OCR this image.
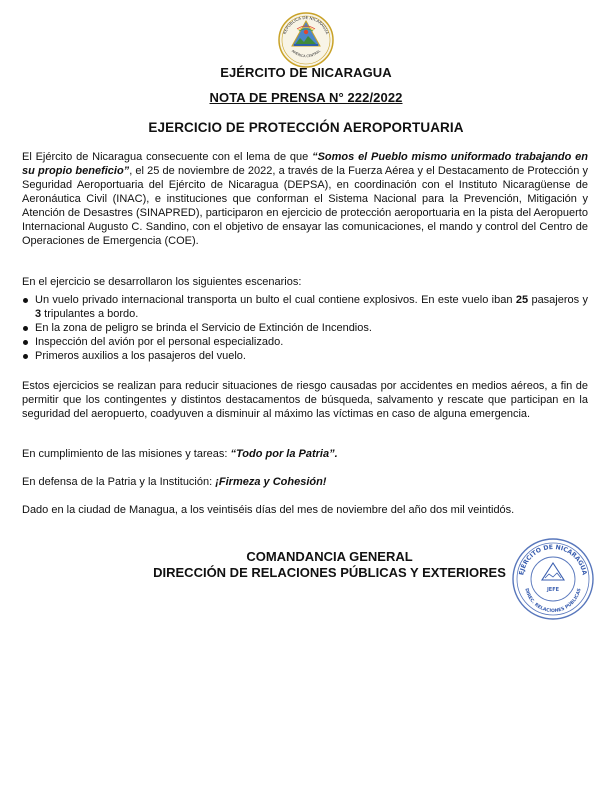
REPÚBLICA DE NICARAGUA
AMÉRICA CENTRAL
EJÉRCITO DE NICARAGUA
NOTA DE PRENSA N° 222/2022
EJERCICIO DE PROTECCIÓN AEROPORTUARIA

El Ejército de Nicaragua consecuente con el lema de que “Somos el Pueblo mismo uniformado trabajando en su propio beneficio”, el 25 de noviembre de 2022, a través de la Fuerza Aérea y el Destacamento de Protección y Seguridad Aeroportuaria del Ejército de Nicaragua (DEPSA), en coordinación con el Instituto Nicaragüense de Aeronáutica Civil (INAC), e instituciones que conforman el Sistema Nacional para la Prevención, Mitigación y Atención de Desastres (SINAPRED), participaron en ejercicio de protección aeroportuaria en la pista del Aeropuerto Internacional Augusto C. Sandino, con el objetivo de ensayar las comunicaciones, el mando y control del Centro de Operaciones de Emergencia (COE).

En el ejercicio se desarrollaron los siguientes escenarios:
Un vuelo privado internacional transporta un bulto el cual contiene explosivos. En este vuelo iban 25 pasajeros y 3 tripulantes a bordo.
En la zona de peligro se brinda el Servicio de Extinción de Incendios.
Inspección del avión por el personal especializado.
Primeros auxilios a los pasajeros del vuelo.
Estos ejercicios se realizan para reducir situaciones de riesgo causadas por accidentes en medios aéreos, a fin de permitir que los contingentes y distintos destacamentos de búsqueda, salvamento y rescate que participan en la seguridad del aeropuerto, coadyuven a disminuir al máximo las víctimas en caso de alguna emergencia.

En cumplimiento de las misiones y tareas: “Todo por la Patria”.

En defensa de la Patria y la Institución: ¡Firmeza y Cohesión!

Dado en la ciudad de Managua, a los veintiséis días del mes de noviembre del año dos mil veintidós.
COMANDANCIA GENERAL
DIRECCIÓN DE RELACIONES PÚBLICAS Y EXTERIORES	EJÉRCITO DE NICARAGUA
DIREC. RELACIONES PÚBLICAS
JEFE
